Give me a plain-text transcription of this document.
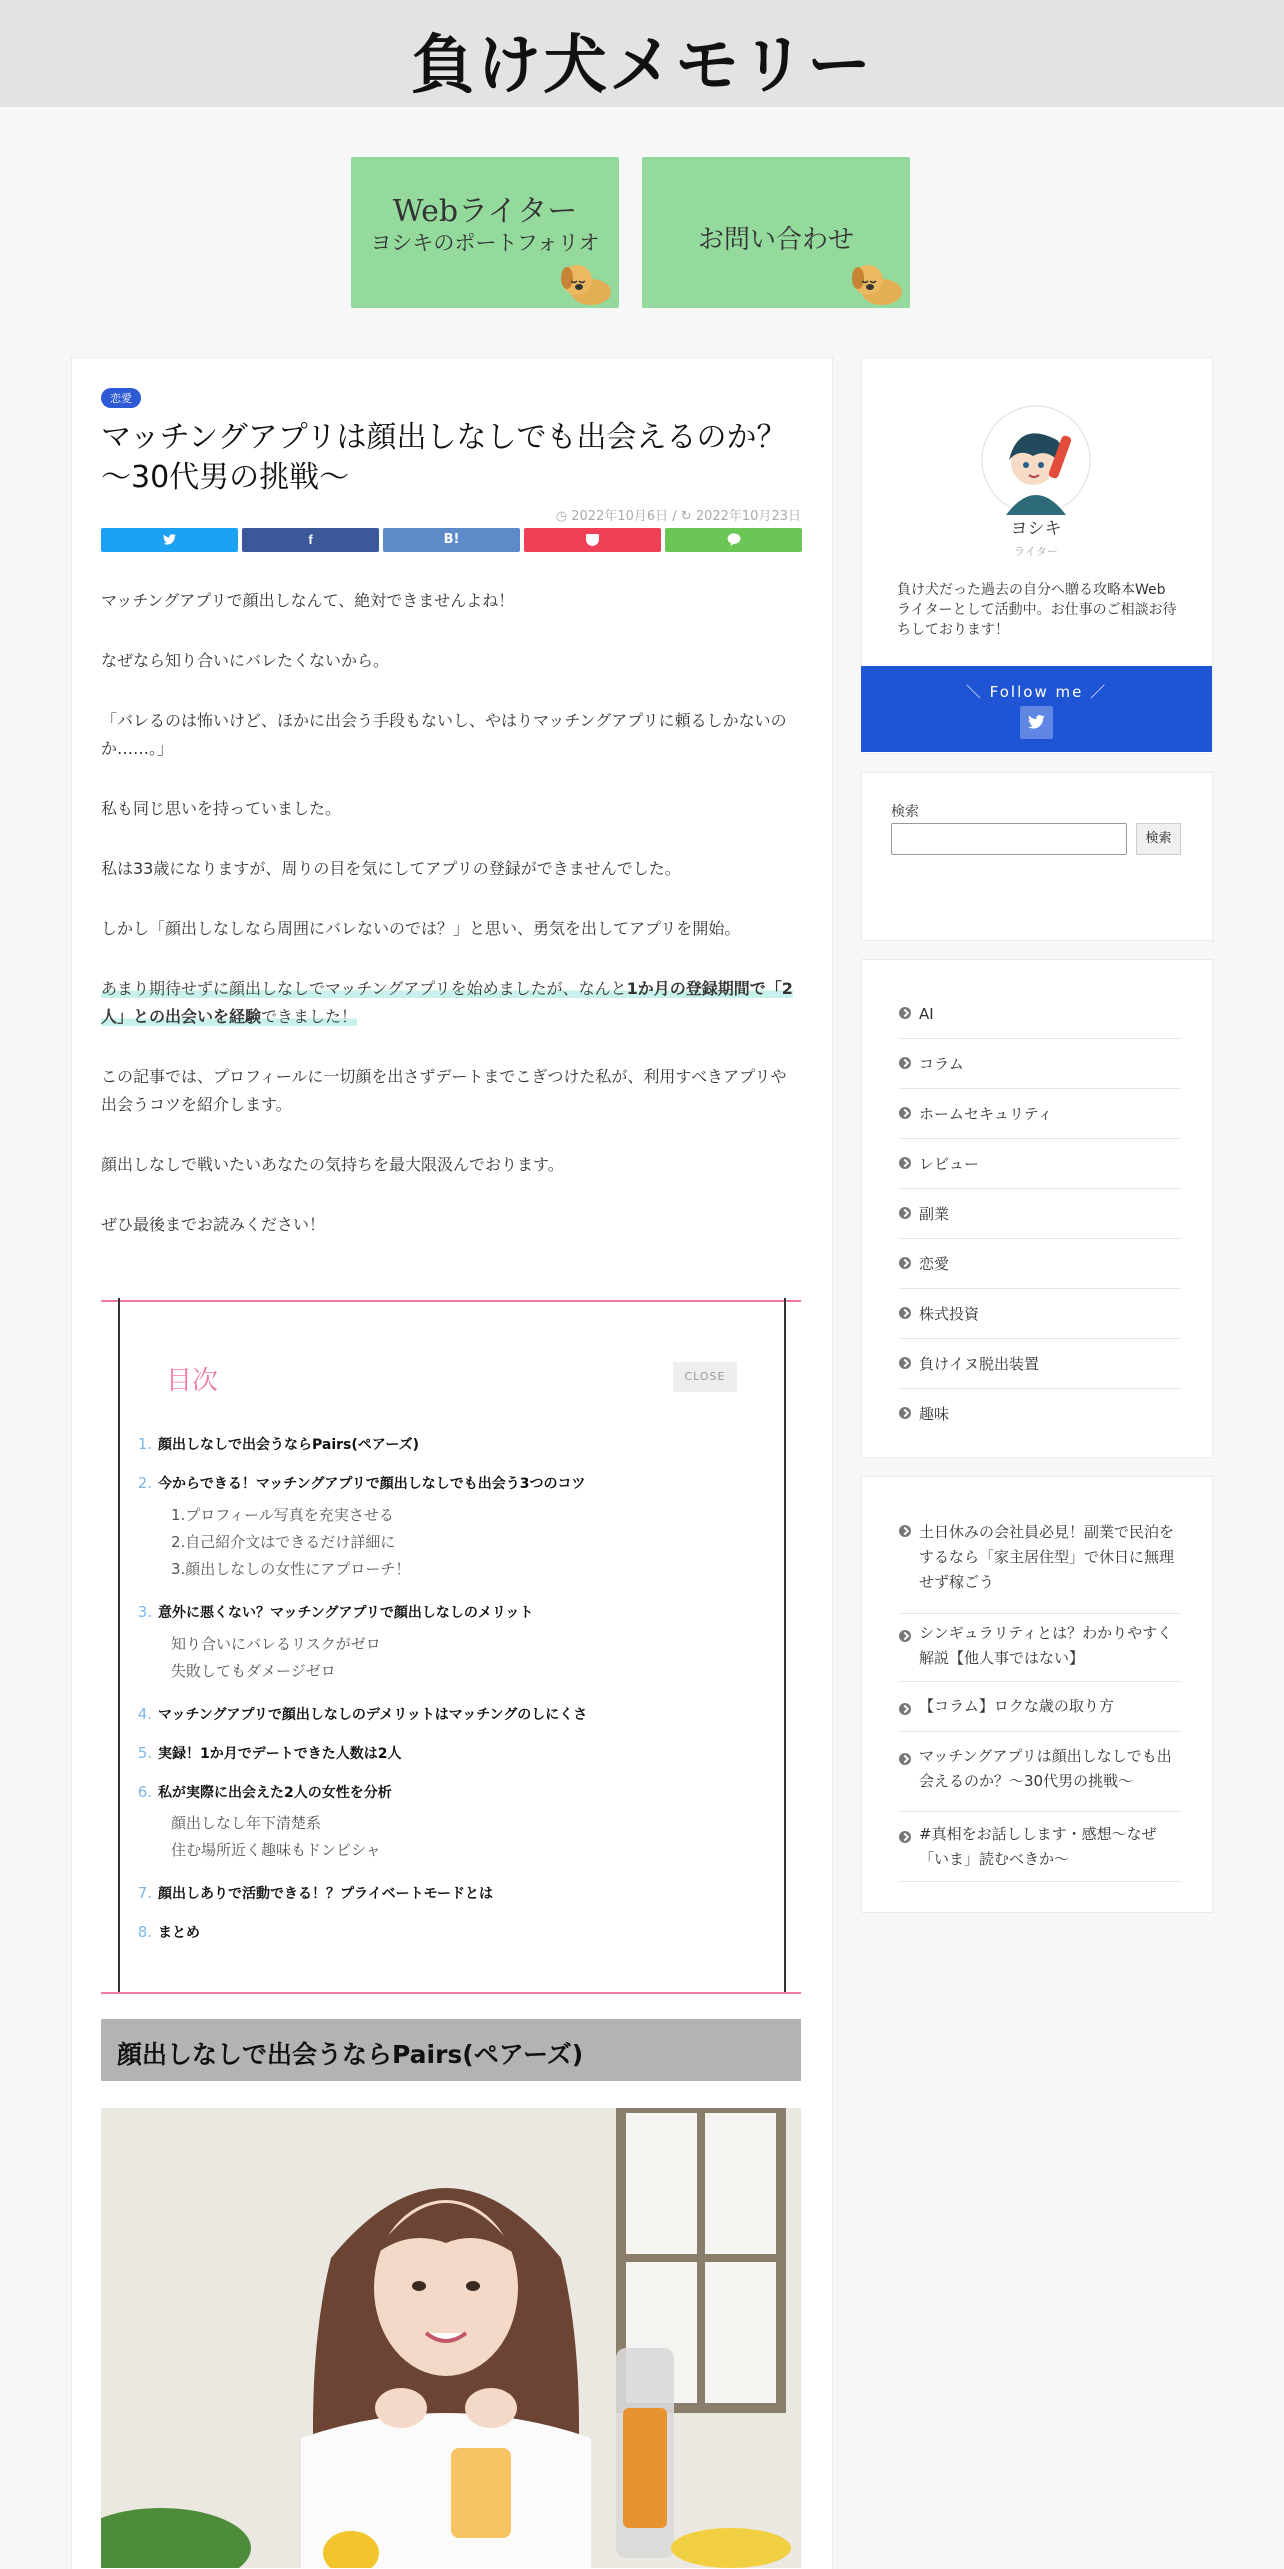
負け犬メモリー
Webライター
ヨシキのポートフォリオ	お問い合わせ
恋愛
マッチングアプリは顔出しなしでも出会えるのか？～30代男の挑戦～
◷ 2022年10月6日 / ↻ 2022年10月23日
f	B!
マッチングアプリで顔出しなんて、絶対できませんよね！
なぜなら知り合いにバレたくないから。
「バレるのは怖いけど、ほかに出会う手段もないし、やはりマッチングアプリに頼るしかないのか……。」
私も同じ思いを持っていました。
私は33歳になりますが、周りの目を気にしてアプリの登録ができませんでした。
しかし「顔出しなしなら周囲にバレないのでは？」と思い、勇気を出してアプリを開始。
あまり期待せずに顔出しなしでマッチングアプリを始めましたが、なんと1か月の登録期間で「2人」との出会いを経験できました！
この記事では、プロフィールに一切顔を出さずデートまでこぎつけた私が、利用すべきアプリや出会うコツを紹介します。
顔出しなしで戦いたいあなたの気持ちを最大限汲んでおります。
ぜひ最後までお読みください！
目次	CLOSE
1. 顔出しなしで出会うならPairs(ペアーズ)
2. 今からできる！マッチングアプリで顔出しなしでも出会う3つのコツ
1.プロフィール写真を充実させる
2.自己紹介文はできるだけ詳細に
3.顔出しなしの女性にアプローチ！
3. 意外に悪くない？マッチングアプリで顔出しなしのメリット
知り合いにバレるリスクがゼロ
失敗してもダメージゼロ
4. マッチングアプリで顔出しなしのデメリットはマッチングのしにくさ
5. 実録！1か月でデートできた人数は2人
6. 私が実際に出会えた2人の女性を分析
顔出しなし年下清楚系
住む場所近く趣味もドンピシャ
7. 顔出しありで活動できる！？プライベートモードとは
8. まとめ
顔出しなしで出会うならPairs(ペアーズ)
ヨシキ
ライター
負け犬だった過去の自分へ贈る攻略本Webライターとして活動中。お仕事のご相談お待ちしております！
＼ Follow me ／
検索
検索
AI
コラム
ホームセキュリティ
レビュー
副業
恋愛
株式投資
負けイヌ脱出装置
趣味
土日休みの会社員必見！副業で民泊をするなら「家主居住型」で休日に無理せず稼ごう
シンギュラリティとは？わかりやすく解説【他人事ではない】
【コラム】ロクな歳の取り方
マッチングアプリは顔出しなしでも出会えるのか？～30代男の挑戦～
#真相をお話しします・感想～なぜ「いま」読むべきか～
